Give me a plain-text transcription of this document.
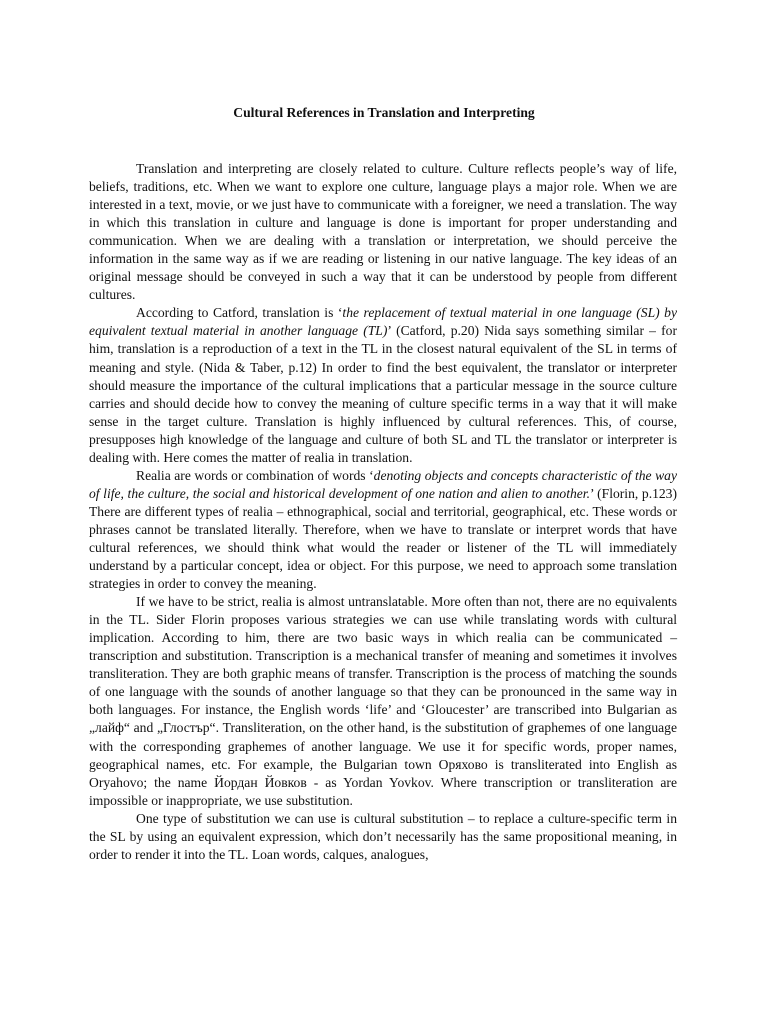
Cultural References in Translation and Interpreting

Translation and interpreting are closely related to culture. Culture reflects people’s way of life, beliefs, traditions, etc. When we want to explore one culture, language plays a major role. When we are interested in a text, movie, or we just have to communicate with a foreigner, we need a translation. The way in which this translation in culture and language is done is important for proper understanding and communication. When we are dealing with a translation or interpretation, we should perceive the information in the same way as if we are reading or listening in our native language. The key ideas of an original message should be conveyed in such a way that it can be understood by people from different cultures.

According to Catford, translation is ‘the replacement of textual material in one language (SL) by equivalent textual material in another language (TL)’ (Catford, p.20) Nida says something similar – for him, translation is a reproduction of a text in the TL in the closest natural equivalent of the SL in terms of meaning and style. (Nida & Taber, p.12) In order to find the best equivalent, the translator or interpreter should measure the importance of the cultural implications that a particular message in the source culture carries and should decide how to convey the meaning of culture specific terms in a way that it will make sense in the target culture. Translation is highly influenced by cultural references. This, of course, presupposes high knowledge of the language and culture of both SL and TL the translator or interpreter is dealing with. Here comes the matter of realia in translation.

Realia are words or combination of words ‘denoting objects and concepts characteristic of the way of life, the culture, the social and historical development of one nation and alien to another.’ (Florin, p.123) There are different types of realia – ethnographical, social and territorial, geographical, etc. These words or phrases cannot be translated literally. Therefore, when we have to translate or interpret words that have cultural references, we should think what would the reader or listener of the TL will immediately understand by a particular concept, idea or object. For this purpose, we need to approach some translation strategies in order to convey the meaning.

If we have to be strict, realia is almost untranslatable. More often than not, there are no equivalents in the TL. Sider Florin proposes various strategies we can use while translating words with cultural implication. According to him, there are two basic ways in which realia can be communicated – transcription and substitution. Transcription is a mechanical transfer of meaning and sometimes it involves transliteration. They are both graphic means of transfer. Transcription is the process of matching the sounds of one language with the sounds of another language so that they can be pronounced in the same way in both languages. For instance, the English words ‘life’ and ‘Gloucester’ are transcribed into Bulgarian as „лайф“ and „Глостър“. Transliteration, on the other hand, is the substitution of graphemes of one language with the corresponding graphemes of another language. We use it for specific words, proper names, geographical names, etc. For example, the Bulgarian town Оряхово is transliterated into English as Oryahovo; the name Йордан Йовков - as Yordan Yovkov. Where transcription or transliteration are impossible or inappropriate, we use substitution.

One type of substitution we can use is cultural substitution – to replace a culture-specific term in the SL by using an equivalent expression, which don’t necessarily has the same propositional meaning, in order to render it into the TL. Loan words, calques, analogues,
